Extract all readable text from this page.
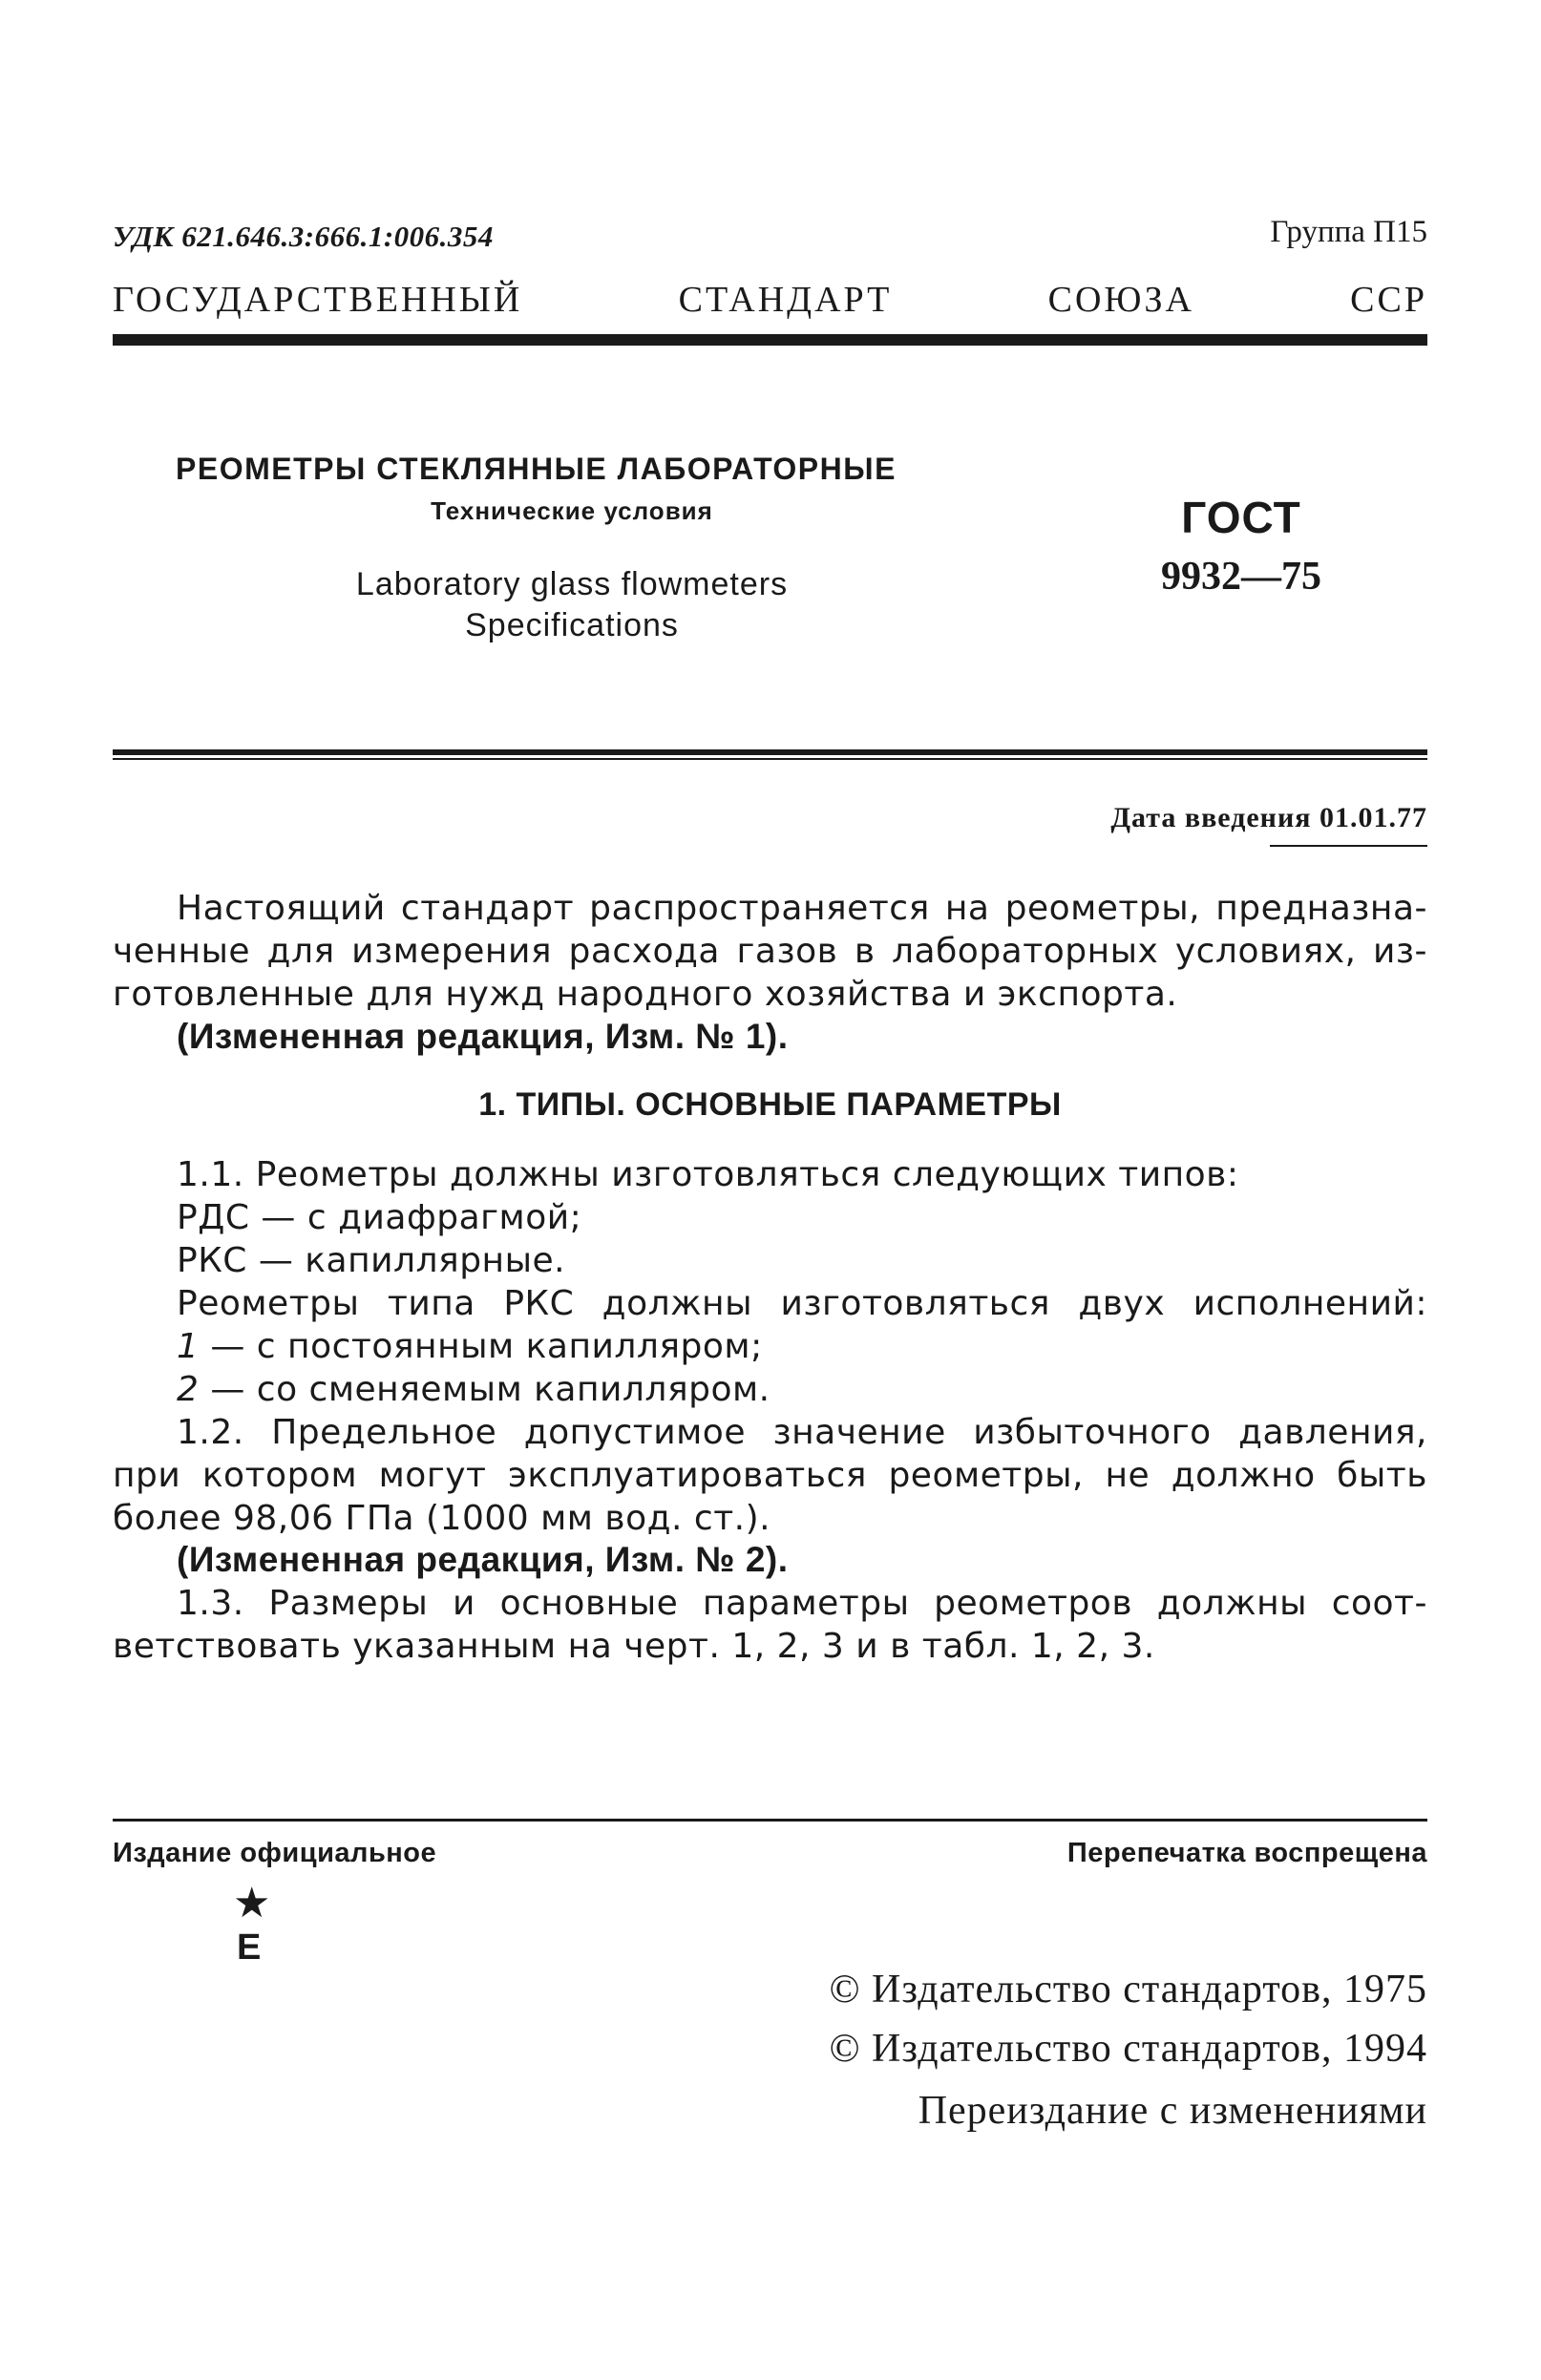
УДК 621.646.3:666.1:006.354	Группа П15
ГОСУДАРСТВЕННЫЙ	СТАНДАРТ	СОЮЗА	ССР
РЕОМЕТРЫ СТЕКЛЯННЫЕ ЛАБОРАТОРНЫЕ
Технические условия
Laboratory glass flowmeters
Specifications
ГОСТ
9932—75
Дата введения 01.01.77
Настоящий стандарт распространяется на реометры, предназна-
ченные для измерения расхода газов в лабораторных условиях, из-
готовленные для нужд народного хозяйства и экспорта.
(Измененная редакция, Изм. № 1).
1. ТИПЫ. ОСНОВНЫЕ ПАРАМЕТРЫ
1.1. Реометры должны изготовляться следующих типов:
РДС — с диафрагмой;
РКС — капиллярные.
Реометры типа РКС должны изготовляться двух исполнений:
1 — с постоянным капилляром;
2 — со сменяемым капилляром.
1.2. Предельное допустимое значение избыточного давления,
при котором могут эксплуатироваться реометры, не должно быть
более 98,06 ГПа (1000 мм вод. ст.).
(Измененная редакция, Изм. № 2).
1.3. Размеры и основные параметры реометров должны соот-
ветствовать указанным на черт. 1, 2, 3 и в табл. 1, 2, 3.
Издание официальное	Перепечатка воспрещена
★
Е
© Издательство стандартов, 1975
© Издательство стандартов, 1994
Переиздание с изменениями
